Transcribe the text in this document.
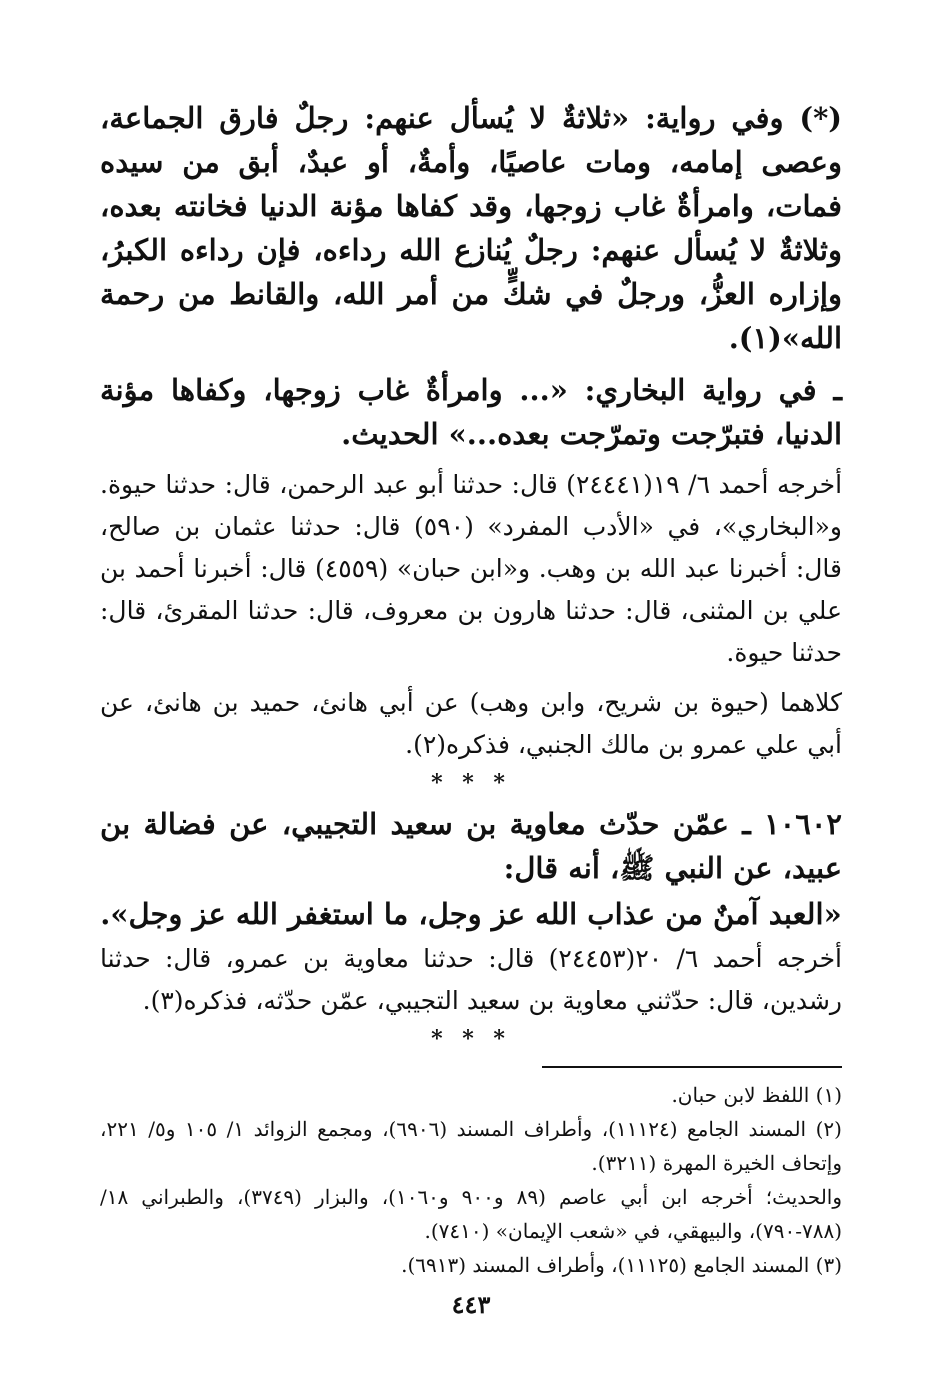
(*) وفي رواية: «ثلاثةٌ لا يُسأل عنهم: رجلٌ فارق الجماعة، وعصى إمامه، ومات عاصيًا، وأمةٌ، أو عبدٌ، أبق من سيده فمات، وامرأةٌ غاب زوجها، وقد كفاها مؤنة الدنيا فخانته بعده، وثلاثةٌ لا يُسأل عنهم: رجلٌ يُنازع الله رداءه، فإن رداءه الكبرُ، وإزاره العزُّ، ورجلٌ في شكٍّ من أمر الله، والقانط من رحمة الله»(١).

ـ في رواية البخاري: «... وامرأةٌ غاب زوجها، وكفاها مؤنة الدنيا، فتبرّجت وتمرّجت بعده...» الحديث.

أخرجه أحمد ٦/ ١٩(٢٤٤٤١) قال: حدثنا أبو عبد الرحمن، قال: حدثنا حيوة. و«البخاري»، في «الأدب المفرد» (٥٩٠) قال: حدثنا عثمان بن صالح، قال: أخبرنا عبد الله بن وهب. و«ابن حبان» (٤٥٥٩) قال: أخبرنا أحمد بن علي بن المثنى، قال: حدثنا هارون بن معروف، قال: حدثنا المقرئ، قال: حدثنا حيوة.

كلاهما (حيوة بن شريح، وابن وهب) عن أبي هانئ، حميد بن هانئ، عن أبي علي عمرو بن مالك الجنبي، فذكره(٢).

* * *

١٠٦٠٢ ـ عمّن حدّث معاوية بن سعيد التجيبي، عن فضالة بن عبيد، عن النبي ﷺ، أنه قال:

«العبد آمنٌ من عذاب الله عز وجل، ما استغفر الله عز وجل».

أخرجه أحمد ٦/ ٢٠(٢٤٤٥٣) قال: حدثنا معاوية بن عمرو، قال: حدثنا رشدين، قال: حدّثني معاوية بن سعيد التجيبي، عمّن حدّثه، فذكره(٣).

* * *

(١) اللفظ لابن حبان.

(٢) المسند الجامع (١١١٢٤)، وأطراف المسند (٦٩٠٦)، ومجمع الزوائد ١/ ١٠٥ و٥/ ٢٢١، وإتحاف الخيرة المهرة (٣٢١١).

والحديث؛ أخرجه ابن أبي عاصم (٨٩ و٩٠٠ و١٠٦٠)، والبزار (٣٧٤٩)، والطبراني ١٨/ (٧٨٨-٧٩٠)، والبيهقي، في «شعب الإيمان» (٧٤١٠).

(٣) المسند الجامع (١١١٢٥)، وأطراف المسند (٦٩١٣).

٤٤٣
